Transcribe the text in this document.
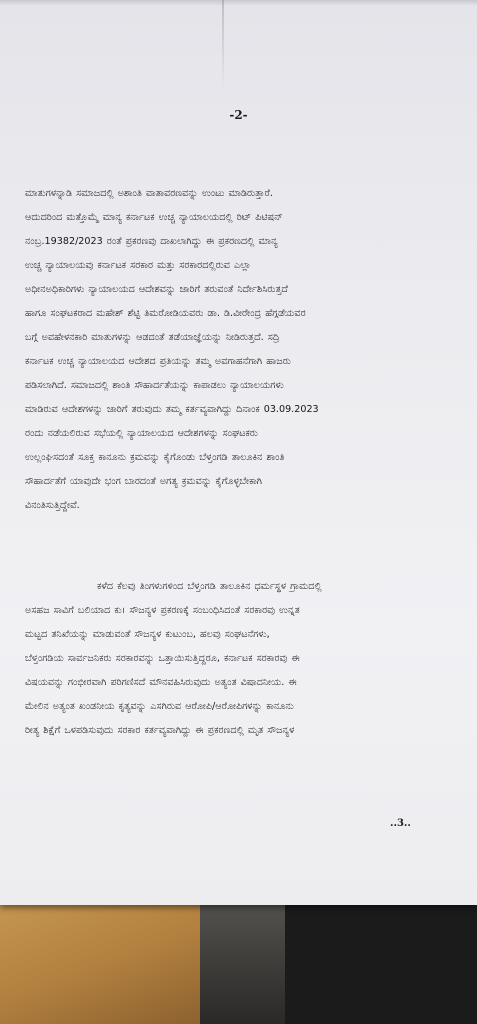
-2-
ಮಾತುಗಳನ್ನಾಡಿ ಸಮಾಜದಲ್ಲಿ ಅಶಾಂತಿ ವಾತಾವರಣವನ್ನು ಉಂಟು ಮಾಡಿರುತ್ತಾರೆ.
ಆದುದರಿಂದ ಮತ್ತೊಮ್ಮೆ ಮಾನ್ಯ ಕರ್ನಾಟಕ ಉಚ್ಚ ನ್ಯಾಯಾಲಯದಲ್ಲಿ ರಿಟ್ ಪಿಟಿಷನ್
ನಂಬ್ರ.19382/2023 ರಂತೆ ಪ್ರಕರಣವು ದಾಖಲಾಗಿದ್ದು ಈ ಪ್ರಕರಣದಲ್ಲಿ ಮಾನ್ಯ
ಉಚ್ಚ ನ್ಯಾಯಾಲಯವು ಕರ್ನಾಟಕ ಸರಕಾರ ಮತ್ತು ಸರಕಾರದಲ್ಲಿರುವ ಎಲ್ಲಾ
ಅಧೀನಅಧಿಕಾರಿಗಳು ನ್ಯಾಯಾಲಯದ ಆದೇಶವನ್ನು ಜಾರಿಗೆ ತರುವಂತೆ ನಿರ್ದೇಶಿಸಿರುತ್ತದೆ
ಹಾಗೂ ಸಂಘಟಕರಾದ ಮಹೇಶ್ ಶೆಟ್ಟಿ ತಿಮರೋಡಿಯವರು ಡಾ. ಡಿ.ವೀರೇಂದ್ರ ಹೆಗ್ಗಡೆಯವರ
ಬಗ್ಗೆ ಅವಹೇಳನಕಾರಿ ಮಾತುಗಳನ್ನು ಆಡದಂತೆ ತಡೆಯಾಜ್ಞೆಯನ್ನು ನೀಡಿರುತ್ತದೆ. ಸದ್ರಿ
ಕರ್ನಾಟಕ ಉಚ್ಚ ನ್ಯಾಯಾಲಯದ ಆದೇಶದ ಪ್ರತಿಯನ್ನು ತಮ್ಮ ಅವಗಾಹನೆಗಾಗಿ ಹಾಜರು
ಪಡಿಸಲಾಗಿದೆ. ಸಮಾಜದಲ್ಲಿ ಶಾಂತಿ ಸೌಹಾರ್ದತೆಯನ್ನು ಕಾಪಾಡಲು ನ್ಯಾಯಾಲಯಗಳು
ಮಾಡಿರುವ ಆದೇಶಗಳನ್ನು ಜಾರಿಗೆ ತರುವುದು ತಮ್ಮ ಕರ್ತವ್ಯವಾಗಿದ್ದು ದಿನಾಂಕ 03.09.2023
ರಂದು ನಡೆಯಲಿರುವ ಸಭೆಯಲ್ಲಿ ನ್ಯಾಯಾಲಯದ ಆದೇಶಗಳನ್ನು ಸಂಘಟಕರು
ಉಲ್ಲಂಘಿಸದಂತೆ ಸೂಕ್ತ ಕಾನೂನು ಕ್ರಮವನ್ನು ಕೈಗೊಂಡು ಬೆಳ್ತಂಗಡಿ ತಾಲೂಕಿನ ಶಾಂತಿ
ಸೌಹಾರ್ದತೆಗೆ ಯಾವುದೇ ಭಂಗ ಬಾರದಂತೆ ಅಗತ್ಯ ಕ್ರಮವನ್ನು ಕೈಗೊಳ್ಳಬೇಕಾಗಿ
ವಿನಂತಿಸುತ್ತಿದ್ದೇವೆ.
ಕಳೆದ ಕೆಲವು ತಿಂಗಳುಗಳಿಂದ ಬೆಳ್ತಂಗಡಿ ತಾಲೂಕಿನ ಧರ್ಮಸ್ಥಳ ಗ್ರಾಮದಲ್ಲಿ
ಅಸಹಜ ಸಾವಿಗೆ ಬಲಿಯಾದ ಕು। ಸೌಜನ್ಯಳ ಪ್ರಕರಣಕ್ಕೆ ಸಂಬಂಧಿಸಿದಂತೆ ಸರಕಾರವು ಉನ್ನತ
ಮಟ್ಟದ ತನಿಖೆಯನ್ನು ಮಾಡುವಂತೆ ಸೌಜನ್ಯಳ ಕುಟುಂಬ, ಹಲವು ಸಂಘಟನೆಗಳು,
ಬೆಳ್ತಂಗಡಿಯ ಸಾರ್ವಜನಿಕರು ಸರಕಾರವನ್ನು ಒತ್ತಾಯಿಸುತ್ತಿದ್ದರೂ, ಕರ್ನಾಟಕ ಸರಕಾರವು ಈ
ವಿಷಯವನ್ನು ಗಂಭೀರವಾಗಿ ಪರಿಗಣಿಸದೆ ಮೌನವಹಿಸಿರುವುದು ಅತ್ಯಂತ ವಿಷಾದನೀಯ. ಈ
ಮೇಲಿನ ಅತ್ಯಂತ ಖಂಡನೀಯ ಕೃತ್ಯವನ್ನು ಎಸಗಿರುವ ಆರೋಪಿ/ಆರೋಪಿಗಳನ್ನು ಕಾನೂನು
ರೀತ್ಯ ಶಿಕ್ಷೆಗೆ ಒಳಪಡಿಸುವುದು ಸರಕಾರ ಕರ್ತವ್ಯವಾಗಿದ್ದು ಈ ಪ್ರಕರಣದಲ್ಲಿ ಮೃತ ಸೌಜನ್ಯಳ
..3..
